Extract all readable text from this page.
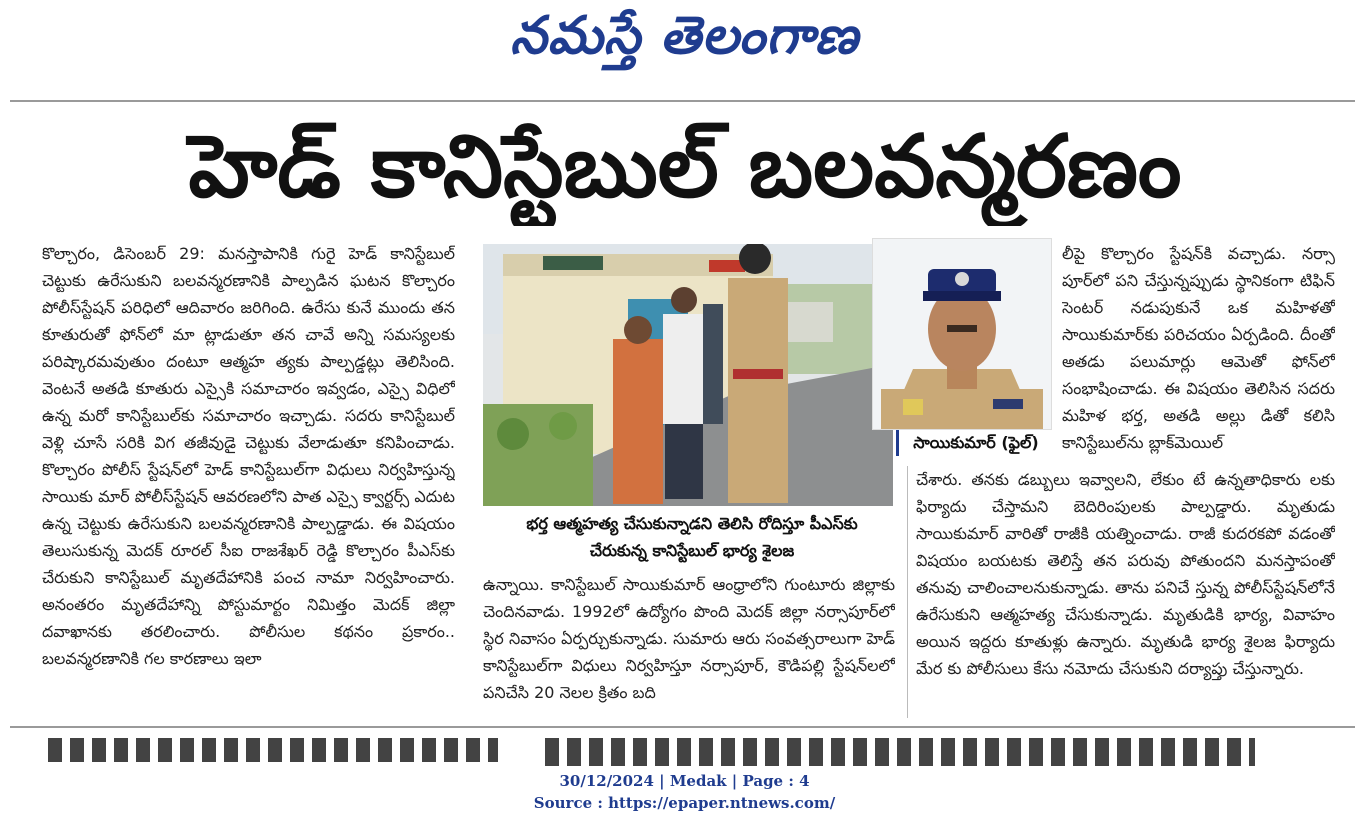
నమస్తే తెలంగాణ
హెడ్ కానిస్టేబుల్ బలవన్మరణం
కొల్చారం, డిసెంబర్ 29: మనస్తాపానికి గురై హెడ్ కానిస్టేబుల్ చెట్టుకు ఉరేసుకుని బలవన్మరణానికి పాల్పడిన ఘటన కొల్చారం పోలీస్‌స్టేషన్ పరిధిలో ఆదివారం జరిగింది. ఉరేసు కునే ముందు తన కూతురుతో ఫోన్‌లో మా ట్లాడుతూ తన చావే అన్ని సమస్యలకు పరిష్కారమవుతుం దంటూ ఆత్మహ త్యకు పాల్పడ్డట్లు తెలిసింది. వెంటనే అతడి కూతురు ఎస్సైకి సమాచారం ఇవ్వడం, ఎస్సై విధిలో ఉన్న మరో కానిస్టేబుల్‌కు సమాచారం ఇచ్చాడు. సదరు కానిస్టేబుల్ వెళ్లి చూసే సరికి విగ తజీవుడై చెట్టుకు వేలాడుతూ కనిపించాడు. కొల్చారం పోలీస్ స్టేషన్‌లో హెడ్ కానిస్టేబుల్‌గా విధులు నిర్వహిస్తున్న సాయికు మార్ పోలీస్‌స్టేషన్ ఆవరణలోని పాత ఎస్సై క్వార్టర్స్ ఎదుట ఉన్న చెట్టుకు ఉరేసుకుని బలవన్మరణానికి పాల్పడ్డాడు. ఈ విషయం తెలుసుకున్న మెదక్ రూరల్ సీఐ రాజశేఖర్ రెడ్డి కొల్చారం పీఎస్‌కు చేరుకుని కానిస్టేబుల్ మృతదేహానికి పంచ నామా నిర్వహించారు. అనంతరం మృతదేహాన్ని పోస్టుమార్టం నిమిత్తం మెదక్ జిల్లా దవాఖానకు తరలించారు. పోలీసుల కథనం ప్రకారం.. బలవన్మరణానికి గల కారణాలు ఇలా
సాయికుమార్ (ఫైల్)
భర్త ఆత్మహత్య చేసుకున్నాడని తెలిసి రోదిస్తూ పీఎస్‌కు చేరుకున్న కానిస్టేబుల్ భార్య శైలజ
ఉన్నాయి. కానిస్టేబుల్ సాయికుమార్ ఆంధ్రాలోని గుంటూరు జిల్లాకు చెందినవాడు. 1992లో ఉద్యోగం పొంది మెదక్ జిల్లా నర్సాపూర్‌లో స్థిర నివాసం ఏర్పర్చుకున్నాడు. సుమారు ఆరు సంవత్సరాలుగా హెడ్ కానిస్టేబుల్‌గా విధులు నిర్వహిస్తూ నర్సాపూర్, కౌడిపల్లి స్టేషన్‌లలో పనిచేసి 20 నెలల క్రితం బది
లీపై కొల్చారం స్టేషన్‌కి వచ్చాడు. నర్సా పూర్‌లో పని చేస్తున్నప్పుడు స్థానికంగా టిఫిన్ సెంటర్ నడుపుకునే ఒక మహిళతో సాయికుమార్‌కు పరిచయం ఏర్పడింది. దీంతో అతడు పలుమార్లు ఆమెతో ఫోన్‌లో సంభాషించాడు. ఈ విషయం తెలిసిన సదరు మహిళ భర్త, అతడి అల్లు డితో కలిసి కానిస్టేబుల్‌ను బ్లాక్‌మెయిల్
చేశారు. తనకు డబ్బులు ఇవ్వాలని, లేకుం టే ఉన్నతాధికారు లకు ఫిర్యాదు చేస్తామని బెదిరింపులకు పాల్పడ్డారు. మృతుడు సాయికుమార్ వారితో రాజీకి యత్నించాడు. రాజీ కుదరకపో వడంతో విషయం బయటకు తెలిస్తే తన పరువు పోతుందని మనస్తాపంతో తనువు చాలించాలనుకున్నాడు. తాను పనిచే స్తున్న పోలీస్‌స్టేషన్‌లోనే ఉరేసుకుని ఆత్మహత్య చేసుకున్నాడు. మృతుడికి భార్య, వివాహం అయిన ఇద్దరు కూతుళ్లు ఉన్నారు. మృతుడి భార్య శైలజ ఫిర్యాదు మేర కు పోలీసులు కేసు నమోదు చేసుకుని దర్యాప్తు చేస్తున్నారు.
30/12/2024 | Medak | Page : 4
Source : https://epaper.ntnews.com/
